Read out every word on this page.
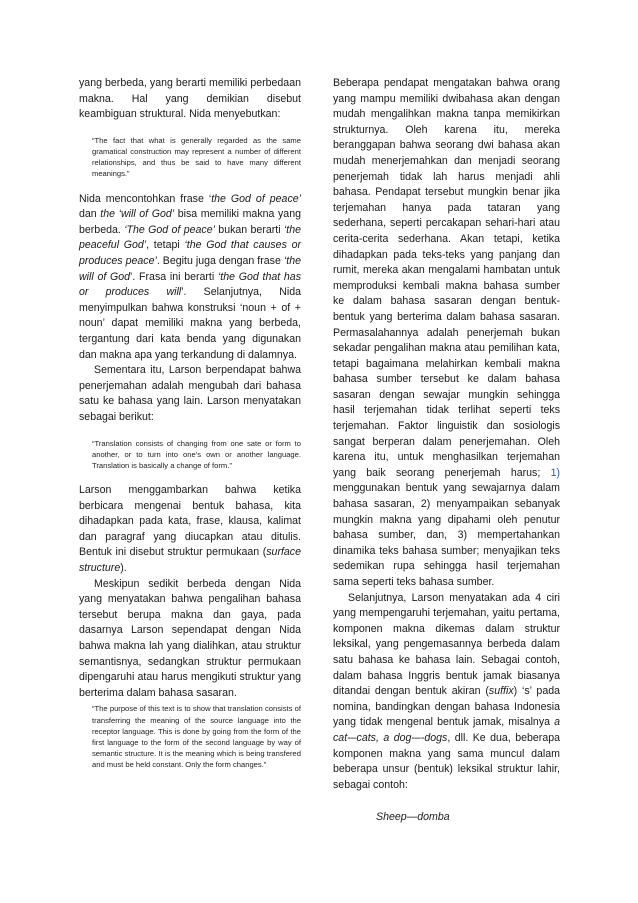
yang berbeda, yang berarti memiliki perbedaan makna. Hal yang demikian disebut keambiguan struktural. Nida menyebutkan:

“The fact that what is generally regarded as the same gramatical construction may represent a number of different relationships, and thus be said to have many different meanings.”

Nida mencontohkan frase ‘the God of peace’ dan the ‘will of God’ bisa memiliki makna yang berbeda. ‘The God of peace’ bukan berarti ‘the peaceful God’, tetapi ‘the God that causes or produces peace’. Begitu juga dengan frase ‘the will of God’. Frasa ini berarti ‘the God that has or produces will’. Selanjutnya, Nida menyimpulkan bahwa konstruksi ‘noun + of + noun’ dapat memiliki makna yang berbeda, tergantung dari kata benda yang digunakan dan makna apa yang terkandung di dalamnya.

Sementara itu, Larson berpendapat bahwa penerjemahan adalah mengubah dari bahasa satu ke bahasa yang lain. Larson menyatakan sebagai berikut:

“Translation consists of changing from one sate or form to another, or to turn into one’s own or another language. Translation is basically a change of form.”

Larson menggambarkan bahwa ketika berbicara mengenai bentuk bahasa, kita dihadapkan pada kata, frase, klausa, kalimat dan paragraf yang diucapkan atau ditulis. Bentuk ini disebut struktur permukaan (surface structure).

Meskipun sedikit berbeda dengan Nida yang menyatakan bahwa pengalihan bahasa tersebut berupa makna dan gaya, pada dasarnya Larson sependapat dengan Nida bahwa makna lah yang dialihkan, atau struktur semantisnya, sedangkan struktur permukaan dipengaruhi atau harus mengikuti struktur yang berterima dalam bahasa sasaran.

“The purpose of this text is to show that translation consists of transferring the meaning of the source language into the receptor language. This is done by going from the form of the first language to the form of the second language by way of semantic structure. It is the meaning which is being transfered and must be held constant. Only the form changes.”

Beberapa pendapat mengatakan bahwa orang yang mampu memiliki dwibahasa akan dengan mudah mengalihkan makna tanpa memikirkan strukturnya. Oleh karena itu, mereka beranggapan bahwa seorang dwi bahasa akan mudah menerjemahkan dan menjadi seorang penerjemah tidak lah harus menjadi ahli bahasa. Pendapat tersebut mungkin benar jika terjemahan hanya pada tataran yang sederhana, seperti percakapan sehari-hari atau cerita-cerita sederhana. Akan tetapi, ketika dihadapkan pada teks-teks yang panjang dan rumit, mereka akan mengalami hambatan untuk memproduksi kembali makna bahasa sumber ke dalam bahasa sasaran dengan bentuk-bentuk yang berterima dalam bahasa sasaran. Permasalahannya adalah penerjemah bukan sekadar pengalihan makna atau pemilihan kata, tetapi bagaimana melahirkan kembali makna bahasa sumber tersebut ke dalam bahasa sasaran dengan sewajar mungkin sehingga hasil terjemahan tidak terlihat seperti teks terjemahan. Faktor linguistik dan sosiologis sangat berperan dalam penerjemahan. Oleh karena itu, untuk menghasilkan terjemahan yang baik seorang penerjemah harus; 1) menggunakan bentuk yang sewajarnya dalam bahasa sasaran, 2) menyampaikan sebanyak mungkin makna yang dipahami oleh penutur bahasa sumber, dan, 3) mempertahankan dinamika teks bahasa sumber; menyajikan teks sedemikan rupa sehingga hasil terjemahan sama seperti teks bahasa sumber.

Selanjutnya, Larson menyatakan ada 4 ciri yang mempengaruhi terjemahan, yaitu pertama, komponen makna dikemas dalam struktur leksikal, yang pengemasannya berbeda dalam satu bahasa ke bahasa lain. Sebagai contoh, dalam bahasa Inggris bentuk jamak biasanya ditandai dengan bentuk akiran (suffix) ‘s’ pada nomina, bandingkan dengan bahasa Indonesia yang tidak mengenal bentuk jamak, misalnya a cat-–cats, a dog-–-dogs, dll. Ke dua, beberapa komponen makna yang sama muncul dalam beberapa unsur (bentuk) leksikal struktur lahir, sebagai contoh:

Sheep—domba
